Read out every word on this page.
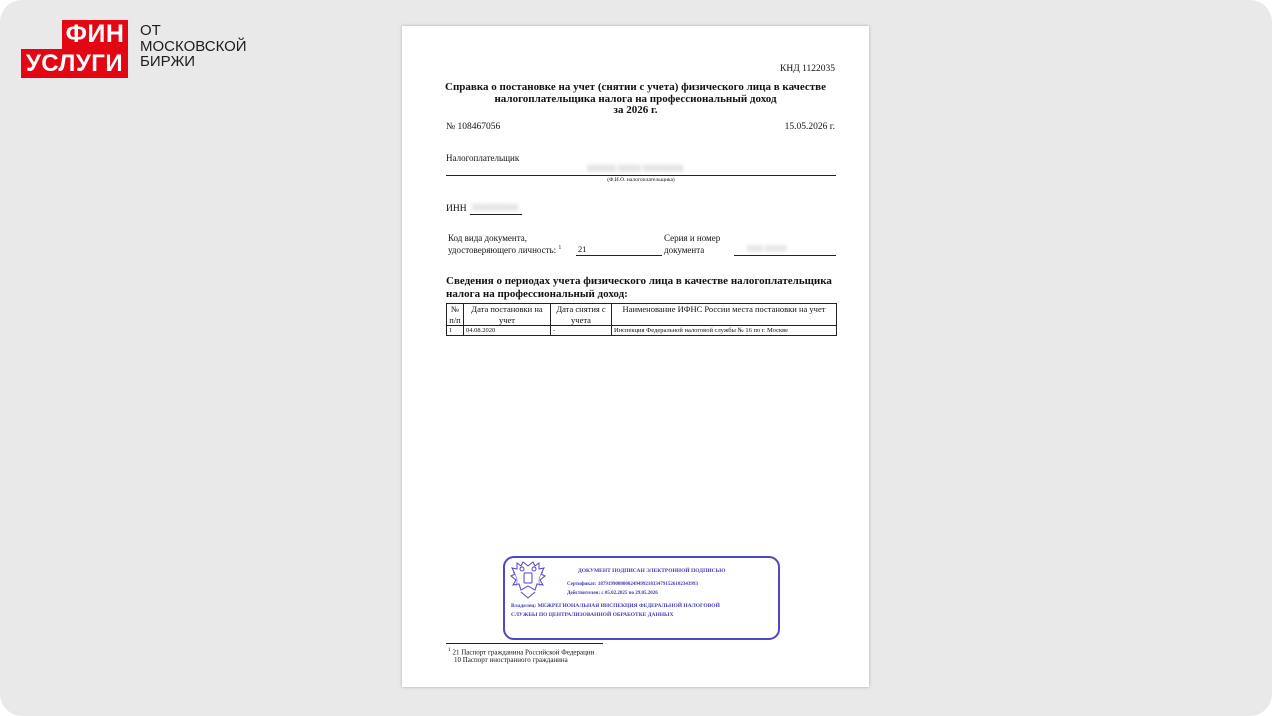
ФИН
УСЛУГИ
ОТ
МОСКОВСКОЙ
БИРЖИ	КНД 1122035
Справка о постановке на учет (снятии с учета) физического лица в качестве налогоплательщика налога на профессиональный доход
за 2026 г.
№ 108467056	15.05.2026 г.
Налогоплательщик
ХХХХХ ХХХХ ХХХХХХХ
(Ф.И.О. налогоплательщика)
ИНН ХХХХХХХХ
Код вида документа,
удостоверяющего личность: $^1$ 21
Серия и номер
документа	ХХХ ХХХХ
Сведения о периодах учета физического лица в качестве налогоплательщика налога на профессиональный доход:
№ п/п	Дата постановки на учет	Дата снятия с учета	Наименование ИФНС России места постановки на учет
1	04.08.2020	-	Инспекция Федеральной налоговой службы № 16 по г. Москве
ДОКУМЕНТ ПОДПИСАН ЭЛЕКТРОННОЙ ПОДПИСЬЮ
Сертификат: 187919900800024949921833479152610234399З
Действителен: с 05.02.2025 по 29.05.2026
Владелец: МЕЖРЕГИОНАЛЬНАЯ ИНСПЕКЦИЯ ФЕДЕРАЛЬНОЙ НАЛОГОВОЙ
СЛУЖБЫ ПО ЦЕНТРАЛИЗОВАННОЙ ОБРАБОТКЕ ДАННЫХ
$^1$ 21 Паспорт гражданина Российской Федерации
10 Паспорт иностранного гражданина
